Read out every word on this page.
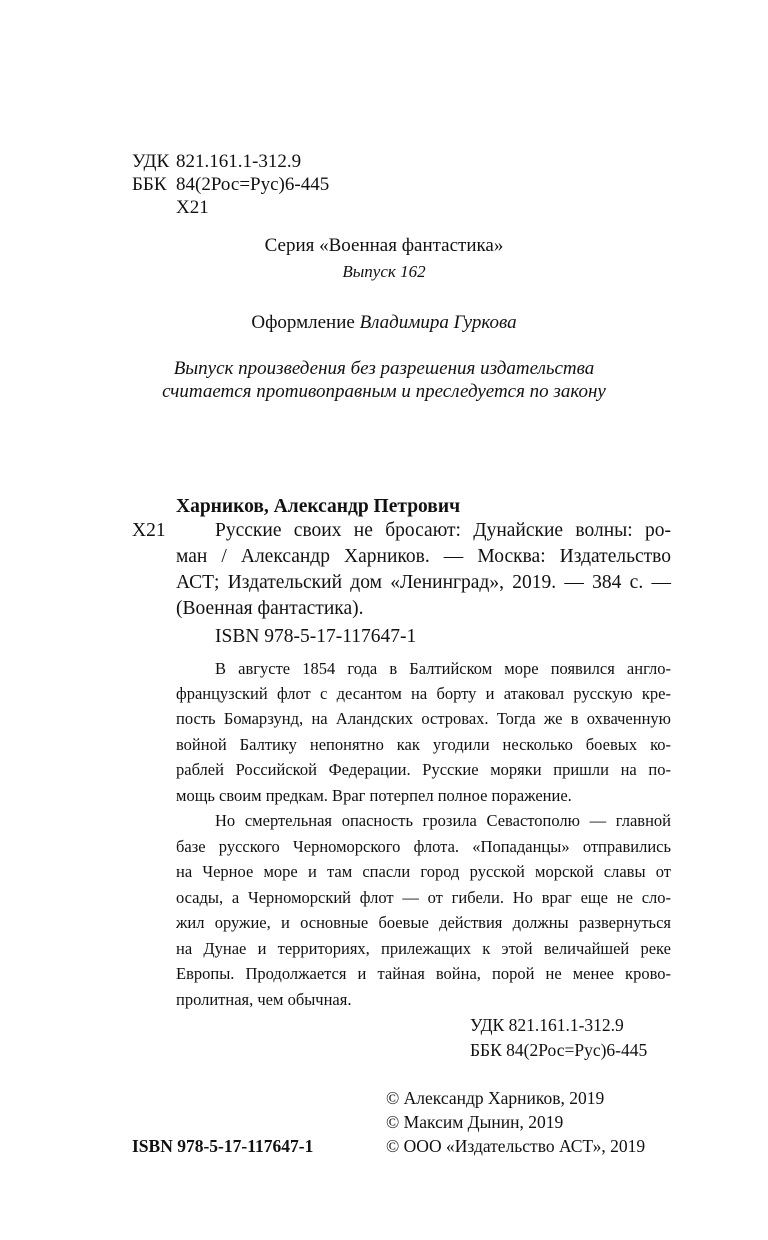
УДК 821.161.1-312.9
ББК 84(2Рос=Рус)6-445
Х21
Серия «Военная фантастика»
Выпуск 162
Оформление Владимира Гуркова
Выпуск произведения без разрешения издательства
считается противоправным и преследуется по закону
Харников, Александр Петрович
Х21	Русские своих не бросают: Дунайские волны: ро-
ман / Александр Харников. — Москва: Издательство
АСТ; Издательский дом «Ленинград», 2019. — 384 с. —
(Военная фантастика).
ISBN 978-5-17-117647-1
В августе 1854 года в Балтийском море появился англо-
французский флот с десантом на борту и атаковал русскую кре-
пость Бомарзунд, на Аландских островах. Тогда же в охваченную
войной Балтику непонятно как угодили несколько боевых ко-
раблей Российской Федерации. Русские моряки пришли на по-
мощь своим предкам. Враг потерпел полное поражение.
Но смертельная опасность грозила Севастополю — главной
базе русского Черноморского флота. «Попаданцы» отправились
на Черное море и там спасли город русской морской славы от
осады, а Черноморский флот — от гибели. Но враг еще не сло-
жил оружие, и основные боевые действия должны развернуться
на Дунае и территориях, прилежащих к этой величайшей реке
Европы. Продолжается и тайная война, порой не менее крово-
пролитная, чем обычная.
УДК 821.161.1-312.9
ББК 84(2Рос=Рус)6-445
© Александр Харников, 2019
© Максим Дынин, 2019
© ООО «Издательство АСТ», 2019
ISBN 978-5-17-117647-1
